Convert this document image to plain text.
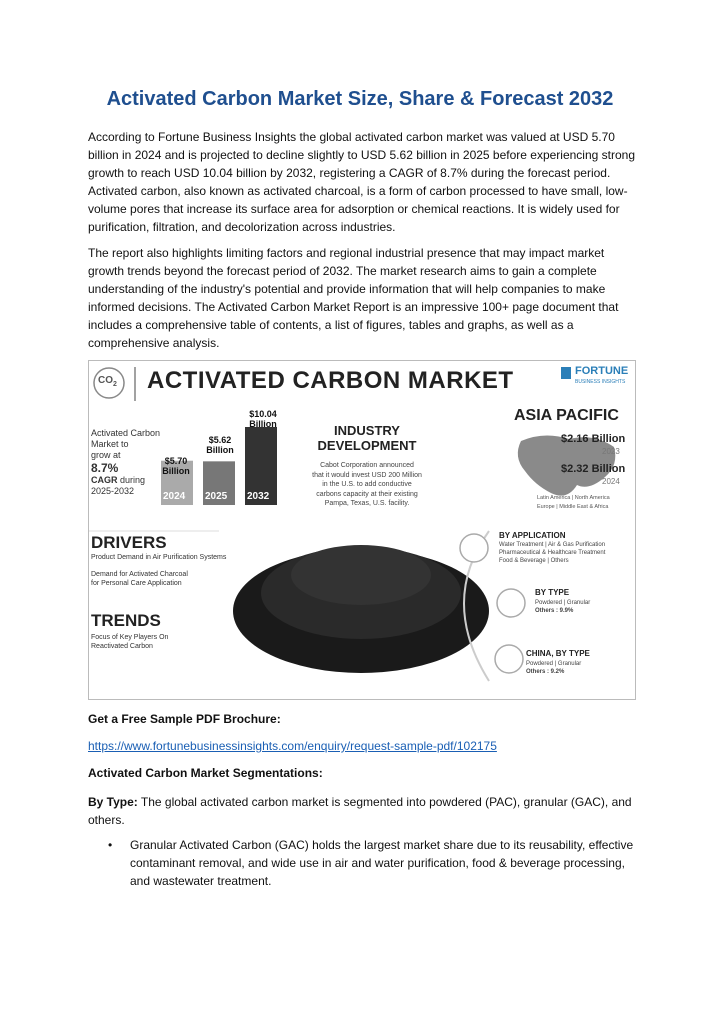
Activated Carbon Market Size, Share & Forecast 2032

According to Fortune Business Insights the global activated carbon market was valued at USD 5.70 billion in 2024 and is projected to decline slightly to USD 5.62 billion in 2025 before experiencing strong growth to reach USD 10.04 billion by 2032, registering a CAGR of 8.7% during the forecast period. Activated carbon, also known as activated charcoal, is a form of carbon processed to have small, low-volume pores that increase its surface area for adsorption or chemical reactions. It is widely used for purification, filtration, and decolorization across industries.

The report also highlights limiting factors and regional industrial presence that may impact market growth trends beyond the forecast period of 2032. The market research aims to gain a complete understanding of the industry's potential and provide information that will help companies to make informed decisions. The Activated Carbon Market Report is an impressive 100+ page document that includes a comprehensive table of contents, a list of figures, tables and graphs, as well as a comprehensive analysis.

$CO_2$ ACTIVATED CARBON MARKET	FORTUNE
BUSINESS INSIGHTS
Activated Carbon
Market to
grow at
8.7%
CAGR during
2025-2032
$5.70
Billion
$5.62
Billion
$10.04
Billion
2024 2025 2032
INDUSTRY
DEVELOPMENT
Cabot Corporation announced
that it would invest USD 200 Million
in the U.S. to add conductive
carbons capacity at their existing
Pampa, Texas, U.S. facility.
ASIA PACIFIC
$2.16 Billion
2023
$2.32 Billion
2024
Latin America | North America
Europe | Middle East & Africa
DRIVERS
Product Demand in Air Purification Systems
Demand for Activated Charcoal
for Personal Care Application
TRENDS
Focus of Key Players On
Reactivated Carbon
BY APPLICATION
Water Treatment | Air & Gas Purification
Pharmaceutical & Healthcare Treatment
Food & Beverage | Others
BY TYPE
Powdered | Granular
Others : 9.9%
CHINA, BY TYPE
Powdered | Granular
Others : 9.2%

Get a Free Sample PDF Brochure:

https://www.fortunebusinessinsights.com/enquiry/request-sample-pdf/102175

Activated Carbon Market Segmentations:

By Type: The global activated carbon market is segmented into powdered (PAC), granular (GAC), and others.

• Granular Activated Carbon (GAC) holds the largest market share due to its reusability, effective contaminant removal, and wide use in air and water purification, food & beverage processing, and wastewater treatment.
